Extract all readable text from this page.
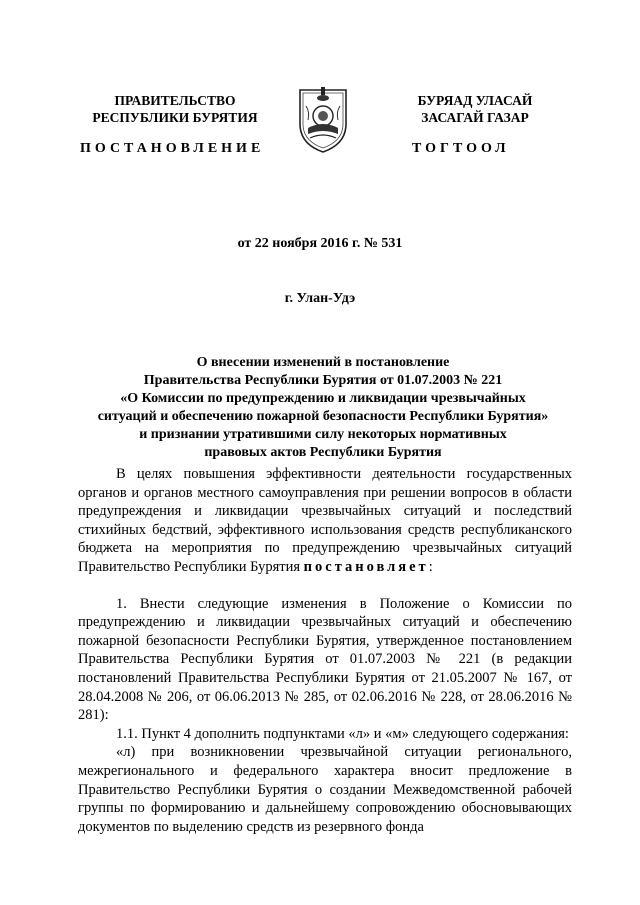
ПРАВИТЕЛЬСТВО
РЕСПУБЛИКИ БУРЯТИЯ
БУРЯАД УЛАСАЙ
ЗАСАГАЙ ГАЗАР
ПОСТАНОВЛЕНИЕ	ТОГТООЛ
от 22 ноября 2016 г. № 531
г. Улан-Удэ
О внесении изменений в постановление
Правительства Республики Бурятия от 01.07.2003 № 221
«О Комиссии по предупреждению и ликвидации чрезвычайных
ситуаций и обеспечению пожарной безопасности Республики Бурятия»
и признании утратившими силу некоторых нормативных
правовых актов Республики Бурятия

В целях повышения эффективности деятельности государственных органов и органов местного самоуправления при решении вопросов в области предупреждения и ликвидации чрезвычайных ситуаций и последствий стихийных бедствий, эффективного использования средств республиканского бюджета на мероприятия по предупреждению чрезвычайных ситуаций Правительство Республики Бурятия постановляет:

1. Внести следующие изменения в Положение о Комиссии по предупреждению и ликвидации чрезвычайных ситуаций и обеспечению пожарной безопасности Республики Бурятия, утвержденное постановлением Правительства Республики Бурятия от 01.07.2003 № 221 (в редакции постановлений Правительства Республики Бурятия от 21.05.2007 № 167, от 28.04.2008 № 206, от 06.06.2013 № 285, от 02.06.2016 № 228, от 28.06.2016 № 281):

1.1. Пункт 4 дополнить подпунктами «л» и «м» следующего содержания:

«л) при возникновении чрезвычайной ситуации регионального, межрегионального и федерального характера вносит предложение в Правительство Республики Бурятия о создании Межведомственной рабочей группы по формированию и дальнейшему сопровождению обосновывающих документов по выделению средств из резервного фонда
